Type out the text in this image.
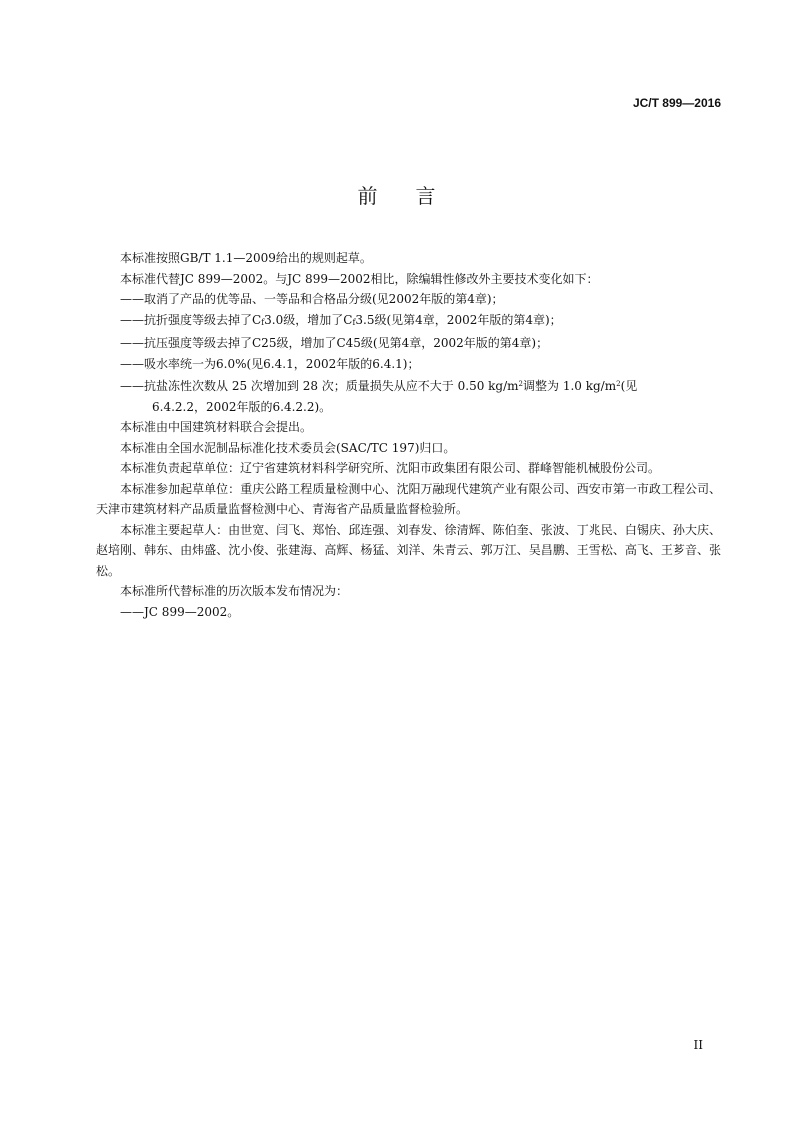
JC/T 899—2016
前言

本标准按照GB/T 1.1—2009给出的规则起草。

本标准代替JC 899—2002。与JC 899—2002相比，除编辑性修改外主要技术变化如下：

——取消了产品的优等品、一等品和合格品分级(见2002年版的第4章)；

——抗折强度等级去掉了$C_f3.0$级，增加了$C_f3.5$级(见第4章，2002年版的第4章)；

——抗压强度等级去掉了C25级，增加了C45级(见第4章，2002年版的第4章)；

——吸水率统一为6.0%(见6.4.1，2002年版的6.4.1)；

——抗盐冻性次数从 25 次增加到 28 次；质量损失从应不大于 0.50 $kg/m^2$调整为 1.0 $kg/m^2$(见

6.4.2.2，2002年版的6.4.2.2)。

本标准由中国建筑材料联合会提出。

本标准由全国水泥制品标准化技术委员会(SAC/TC 197)归口。

本标准负责起草单位：辽宁省建筑材料科学研究所、沈阳市政集团有限公司、群峰智能机械股份公司。

本标准参加起草单位：重庆公路工程质量检测中心、沈阳万融现代建筑产业有限公司、西安市第一市政工程公司、天津市建筑材料产品质量监督检测中心、青海省产品质量监督检验所。

本标准主要起草人：由世宽、闫飞、郑怡、邱连强、刘春发、徐清辉、陈伯奎、张波、丁兆民、白锡庆、孙大庆、赵培刚、韩东、由炜盛、沈小俊、张建海、高辉、杨猛、刘洋、朱青云、郭万江、吴昌鹏、王雪松、高飞、王芗音、张松。

本标准所代替标准的历次版本发布情况为：

——JC 899—2002。

II
